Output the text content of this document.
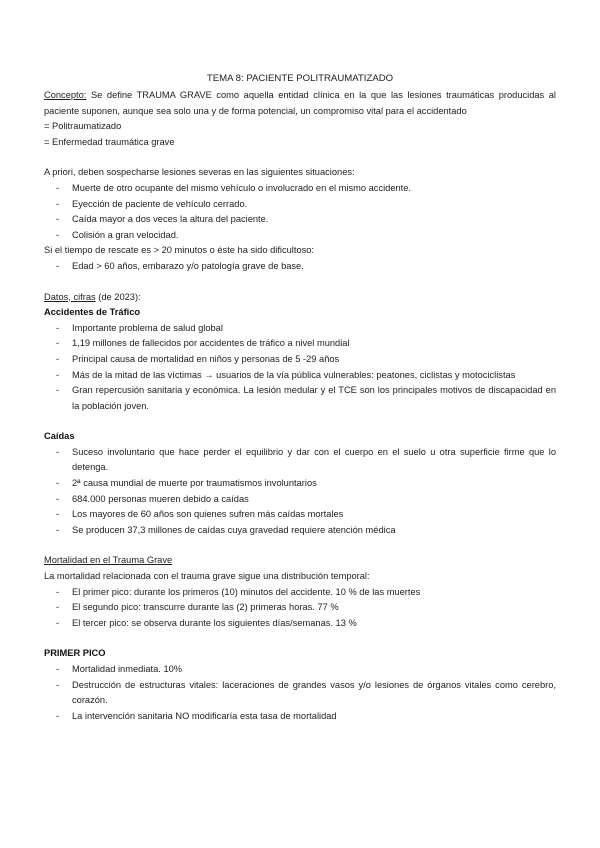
TEMA 8: PACIENTE POLITRAUMATIZADO

Concepto: Se define TRAUMA GRAVE como aquella entidad clínica en la que las lesiones traumáticas producidas al paciente suponen, aunque sea solo una y de forma potencial, un compromiso vital para el accidentado

= Politraumatizado

= Enfermedad traumática grave

A priori, deben sospecharse lesiones severas en las siguientes situaciones:

- Muerte de otro ocupante del mismo vehículo o involucrado en el mismo accidente.
- Eyección de paciente de vehículo cerrado.
- Caída mayor a dos veces la altura del paciente.
- Colisión a gran velocidad.

Si el tiempo de rescate es > 20 minutos o éste ha sido dificultoso:

- Edad > 60 años, embarazo y/o patología grave de base.

Datos, cifras (de 2023):

Accidentes de Tráfico

- Importante problema de salud global
- 1,19 millones de fallecidos por accidentes de tráfico a nivel mundial
- Principal causa de mortalidad en niños y personas de 5 -29 años
- Más de la mitad de las víctimas → usuarios de la vía pública vulnerables: peatones, ciclistas y motociclistas
- Gran repercusión sanitaria y económica. La lesión medular y el TCE son los principales motivos de discapacidad en la población joven.

Caídas

- Suceso involuntario que hace perder el equilibrio y dar con el cuerpo en el suelo u otra superficie firme que lo detenga.
- 2ª causa mundial de muerte por traumatismos involuntarios
- 684.000 personas mueren debido a caídas
- Los mayores de 60 años son quienes sufren más caídas mortales
- Se producen 37,3 millones de caídas cuya gravedad requiere atención médica

Mortalidad en el Trauma Grave

La mortalidad relacionada con el trauma grave sigue una distribución temporal:

- El primer pico: durante los primeros (10) minutos del accidente. 10 % de las muertes
- El segundo pico: transcurre durante las (2) primeras horas. 77 %
- El tercer pico: se observa durante los siguientes días/semanas. 13 %

PRIMER PICO

- Mortalidad inmediata. 10%
- Destrucción de estructuras vitales: laceraciones de grandes vasos y/o lesiones de órganos vitales como cerebro, corazón.
- La intervención sanitaria NO modificaría esta tasa de mortalidad
